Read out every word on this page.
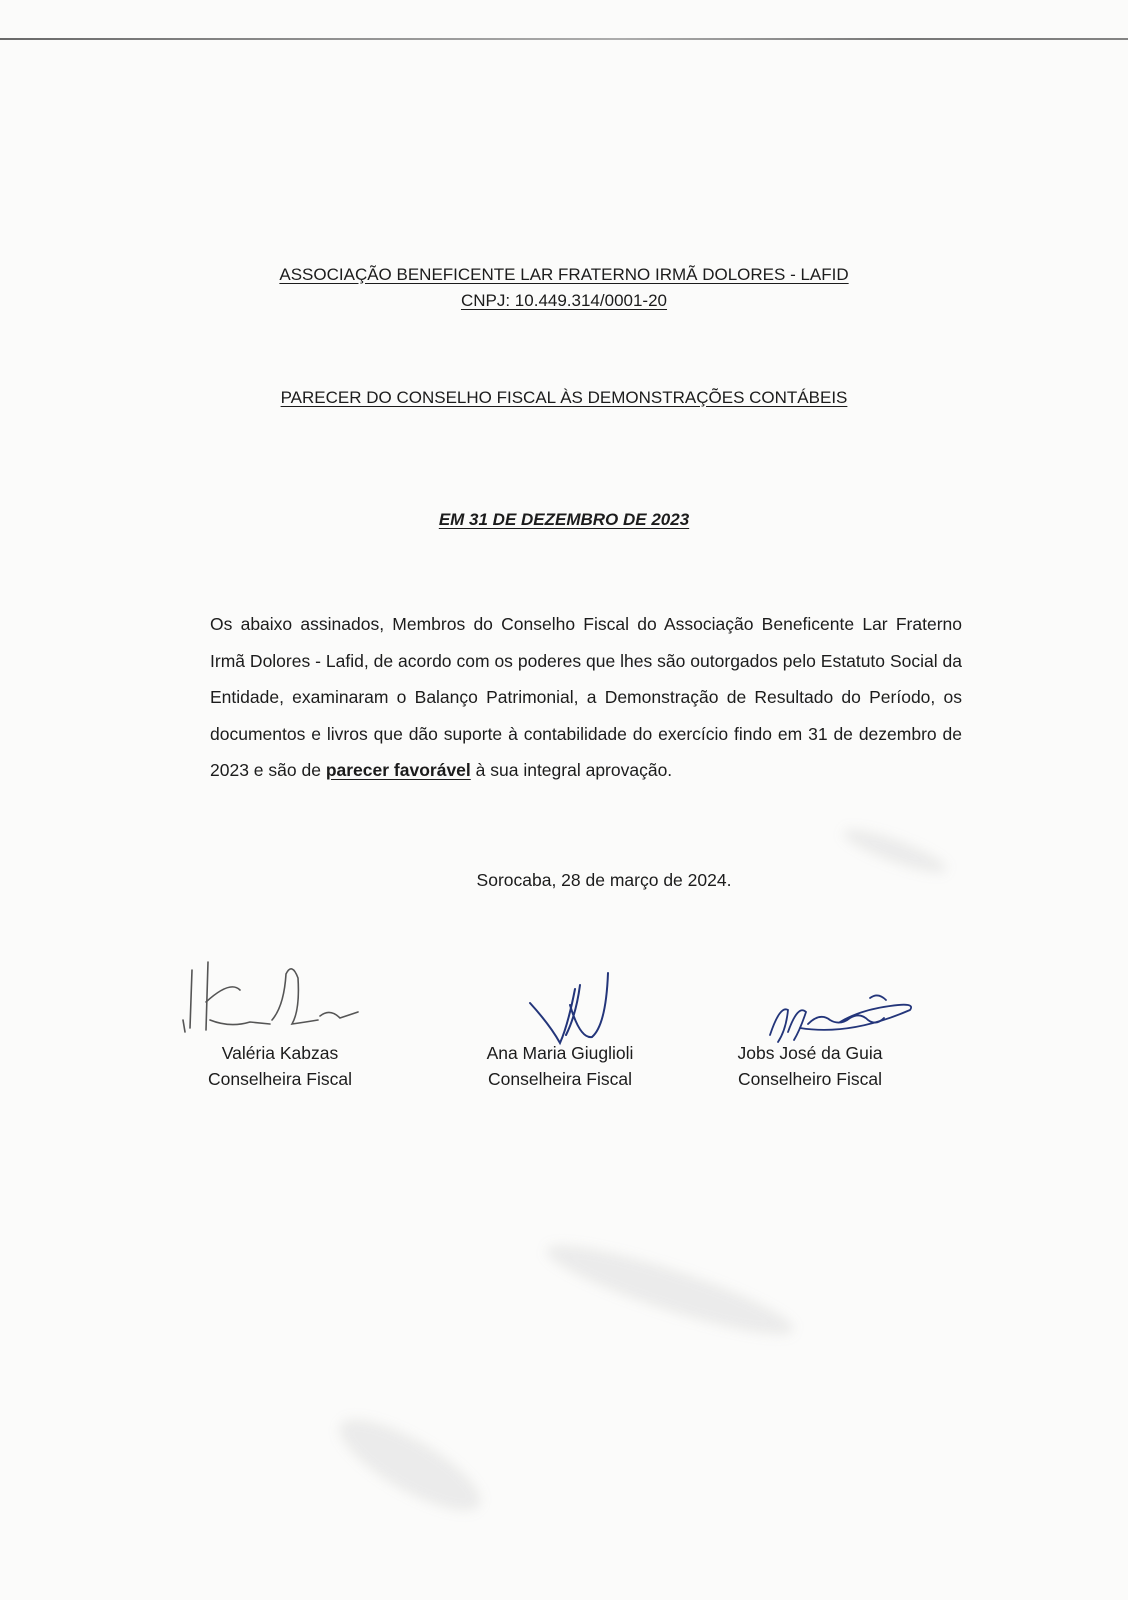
ASSOCIAÇÃO BENEFICENTE LAR FRATERNO IRMÃ DOLORES - LAFID
CNPJ: 10.449.314/0001-20
PARECER DO CONSELHO FISCAL ÀS DEMONSTRAÇÕES CONTÁBEIS
EM 31 DE DEZEMBRO DE 2023
Os abaixo assinados, Membros do Conselho Fiscal do Associação Beneficente Lar Fraterno Irmã Dolores - Lafid, de acordo com os poderes que lhes são outorgados pelo Estatuto Social da Entidade, examinaram o Balanço Patrimonial, a Demonstração de Resultado do Período, os documentos e livros que dão suporte à contabilidade do exercício findo em 31 de dezembro de 2023 e são de parecer favorável à sua integral aprovação.
Sorocaba, 28 de março de 2024.
Valéria Kabzas
Conselheira Fiscal
Ana Maria Giuglioli
Conselheira Fiscal
Jobs José da Guia
Conselheiro Fiscal
